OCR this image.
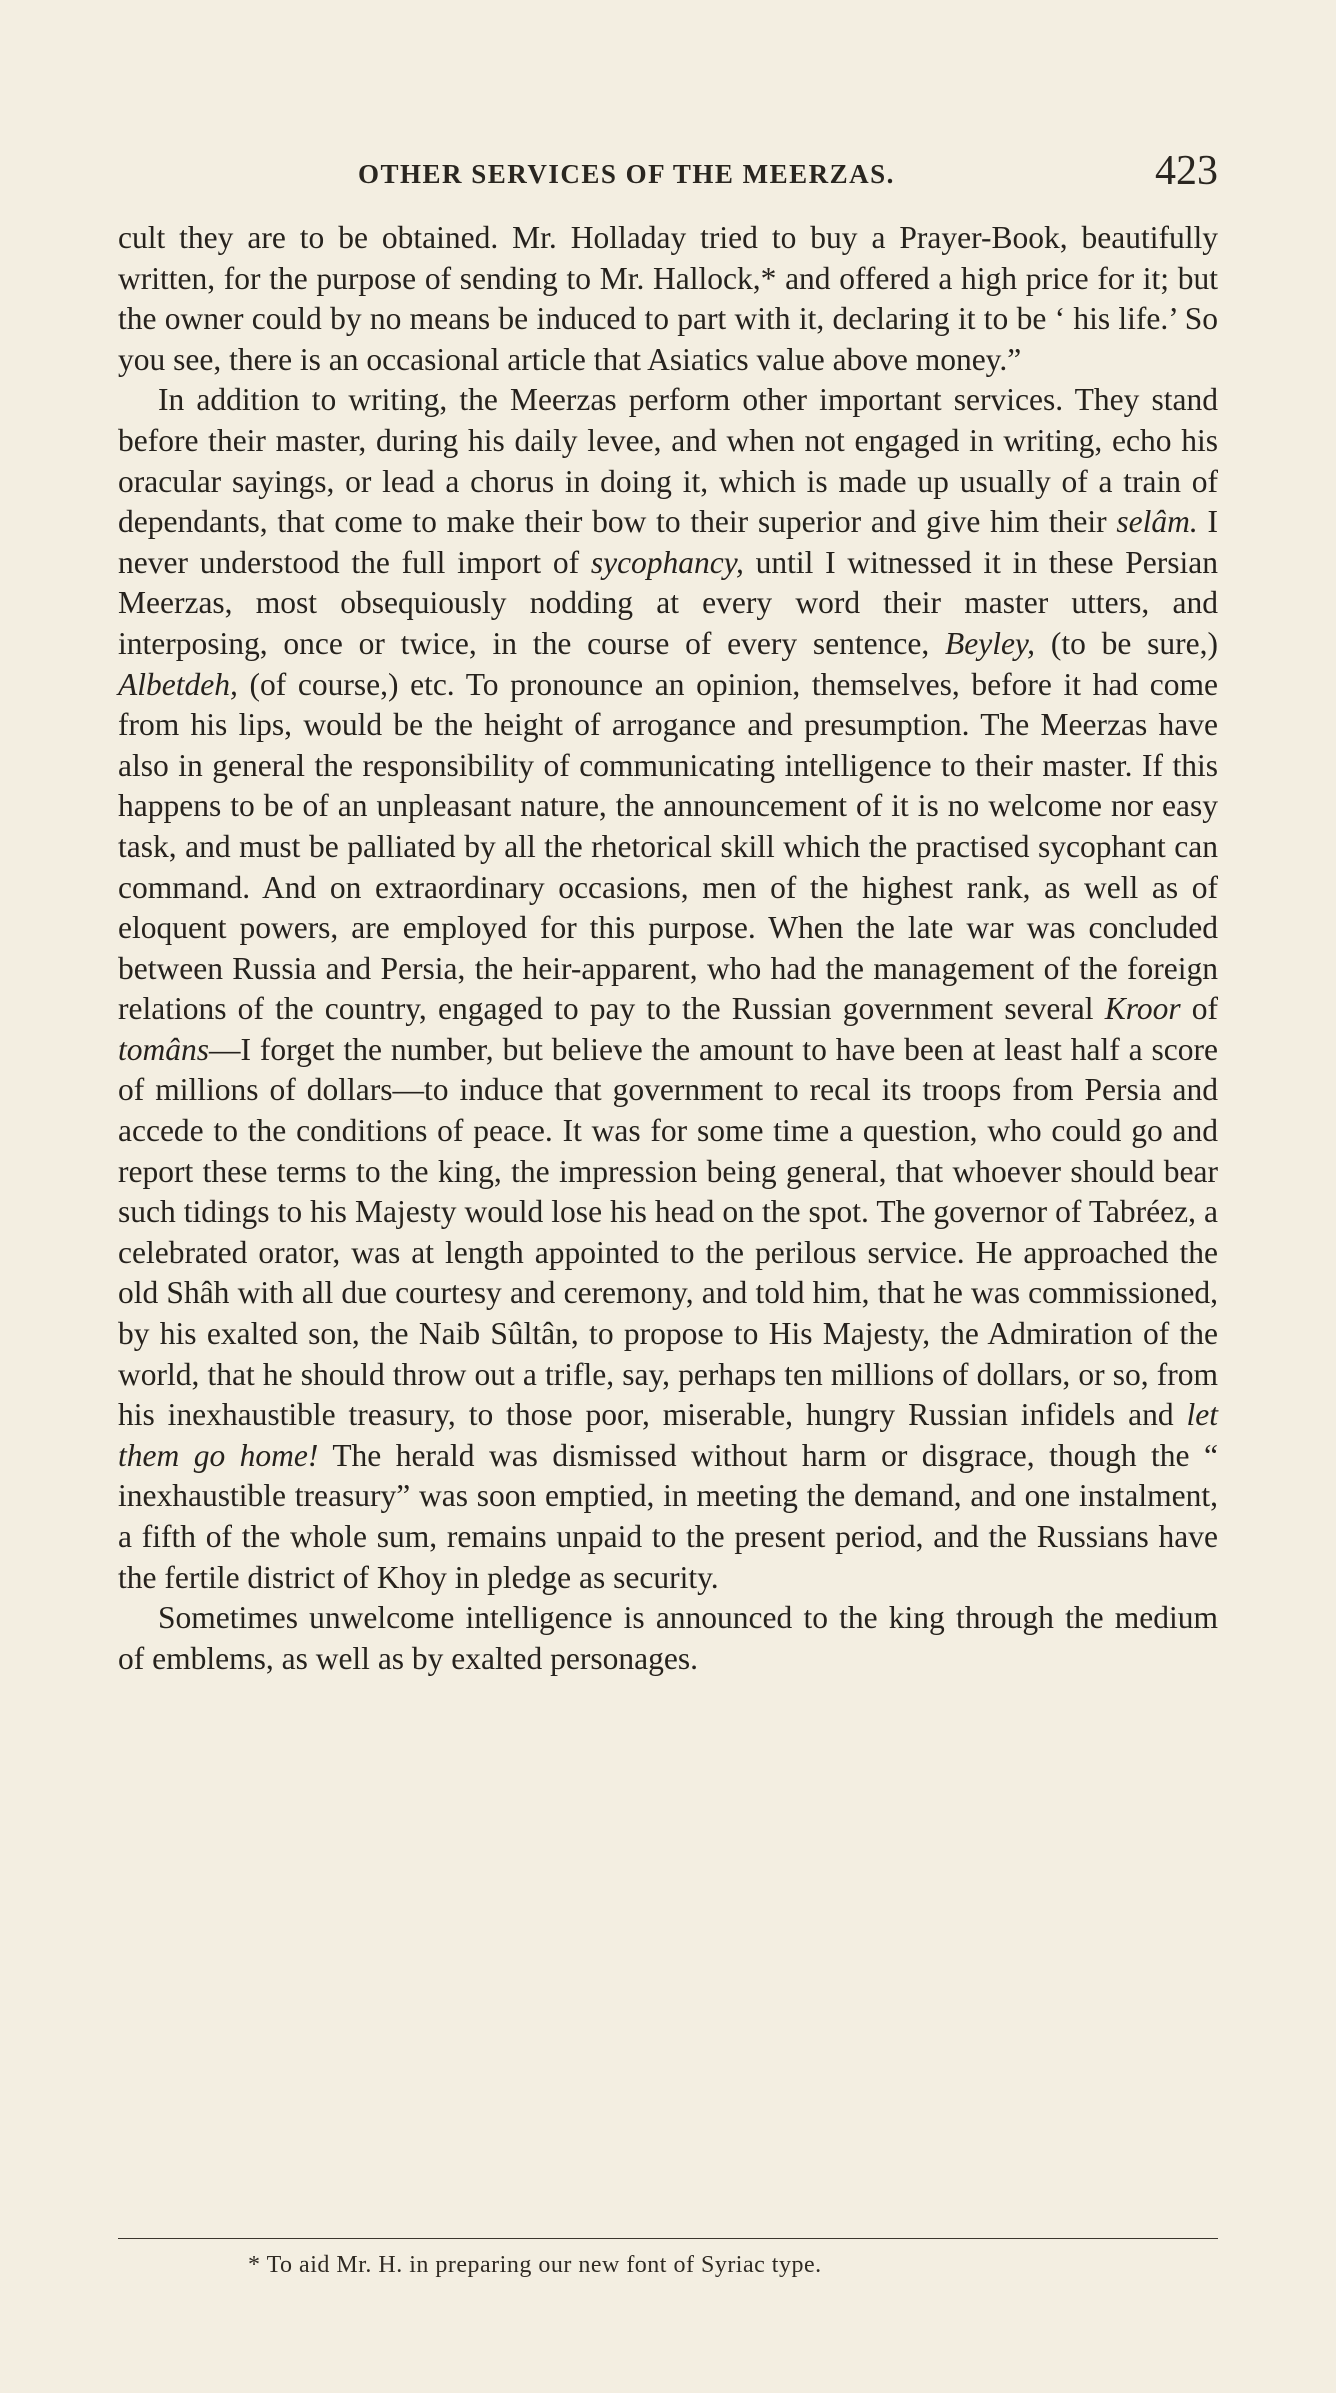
OTHER SERVICES OF THE MEERZAS.	423

cult they are to be obtained. Mr. Holladay tried to buy a Prayer-Book, beautifully written, for the purpose of sending to Mr. Hallock,* and offered a high price for it; but the owner could by no means be induced to part with it, declaring it to be ‘ his life.’ So you see, there is an occasional article that Asiatics value above money.”

In addition to writing, the Meerzas perform other important services. They stand before their master, during his daily levee, and when not engaged in writing, echo his oracular sayings, or lead a chorus in doing it, which is made up usually of a train of dependants, that come to make their bow to their superior and give him their selâm. I never understood the full import of sycophancy, until I witnessed it in these Persian Meerzas, most obsequiously nodding at every word their master utters, and interposing, once or twice, in the course of every sentence, Beyley, (to be sure,) Albetdeh, (of course,) etc. To pronounce an opinion, themselves, before it had come from his lips, would be the height of arrogance and presumption. The Meerzas have also in general the responsibility of communicating intelligence to their master. If this happens to be of an unpleasant nature, the announcement of it is no welcome nor easy task, and must be palliated by all the rhetorical skill which the practised sycophant can command. And on extraordinary occasions, men of the highest rank, as well as of eloquent powers, are employed for this purpose. When the late war was concluded between Russia and Persia, the heir-apparent, who had the management of the foreign relations of the country, engaged to pay to the Russian government several Kroor of tomâns—I forget the number, but believe the amount to have been at least half a score of millions of dollars—to induce that government to recal its troops from Persia and accede to the conditions of peace. It was for some time a question, who could go and report these terms to the king, the impression being general, that whoever should bear such tidings to his Majesty would lose his head on the spot. The governor of Tabréez, a celebrated orator, was at length appointed to the perilous service. He approached the old Shâh with all due courtesy and ceremony, and told him, that he was commissioned, by his exalted son, the Naib Sûltân, to propose to His Majesty, the Admiration of the world, that he should throw out a trifle, say, perhaps ten millions of dollars, or so, from his inexhaustible treasury, to those poor, miserable, hungry Russian infidels and let them go home! The herald was dismissed without harm or disgrace, though the “ inexhaustible treasury” was soon emptied, in meeting the demand, and one instalment, a fifth of the whole sum, remains unpaid to the present period, and the Russians have the fertile district of Khoy in pledge as security.

Sometimes unwelcome intelligence is announced to the king through the medium of emblems, as well as by exalted personages.

* To aid Mr. H. in preparing our new font of Syriac type.
